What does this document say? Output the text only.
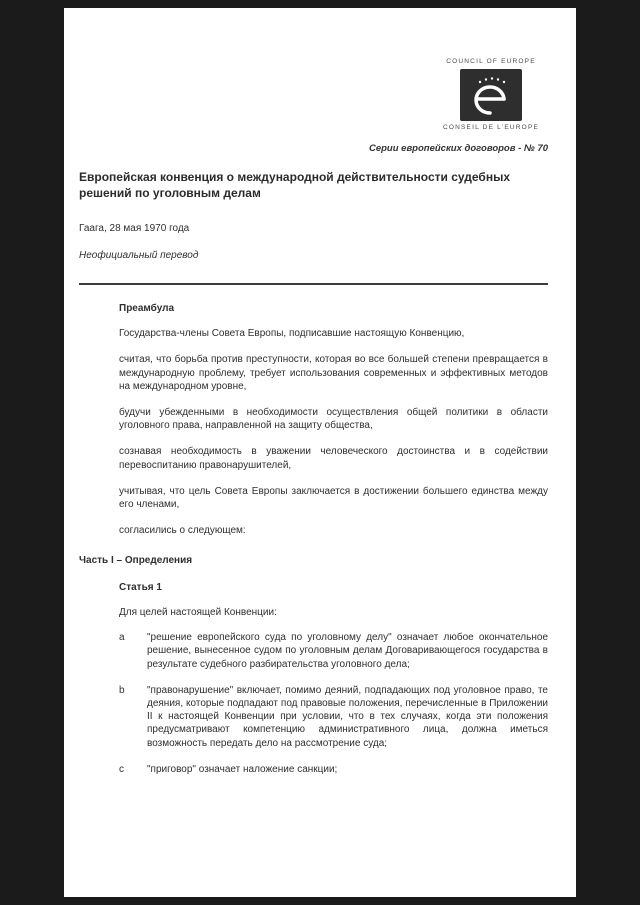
COUNCIL OF EUROPE
CONSEIL DE L'EUROPE
Серии европейских договоров - № 70
Европейская конвенция о международной действительности судебных решений по уголовным делам
Гаага, 28 мая 1970 года
Неофициальный перевод
Преамбула

Государства-члены Совета Европы, подписавшие настоящую Конвенцию,

считая, что борьба против преступности, которая во все большей степени превращается в международную проблему, требует использования современных и эффективных методов на международном уровне,

будучи убежденными в необходимости осуществления общей политики в области уголовного права, направленной на защиту общества,

сознавая необходимость в уважении человеческого достоинства и в содействии перевоспитанию правонарушителей,

учитывая, что цель Совета Европы заключается в достижении большего единства между его членами,

согласились о следующем:

Часть I – Определения
Статья 1
Для целей настоящей Конвенции:
a	"решение европейского суда по уголовному делу" означает любое окончательное решение, вынесенное судом по уголовным делам Договаривающегося государства в результате судебного разбирательства уголовного дела;
b	"правонарушение" включает, помимо деяний, подпадающих под уголовное право, те деяния, которые подпадают под правовые положения, перечисленные в Приложении II к настоящей Конвенции при условии, что в тех случаях, когда эти положения предусматривают компетенцию административного лица, должна иметься возможность передать дело на рассмотрение суда;
c	"приговор" означает наложение санкции;
